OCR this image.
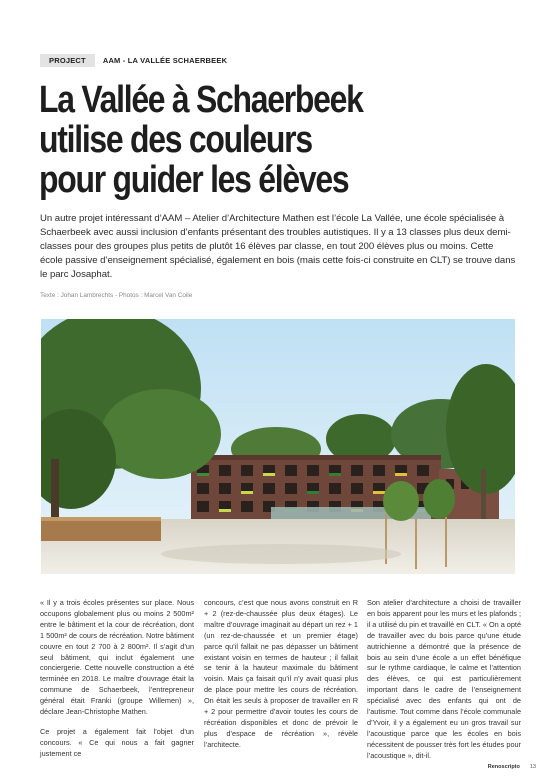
PROJECT	AAM - LA VALLÉE SCHAERBEEK
La Vallée à Schaerbeek
utilise des couleurs
pour guider les élèves

Un autre projet intéressant d’AAM – Atelier d’Architecture Mathen est l’école La Vallée, une école spécialisée à Schaerbeek avec aussi inclusion d’enfants présentant des troubles autistiques. Il y a 13 classes plus deux demi-classes pour des groupes plus petits de plutôt 16 élèves par classe, en tout 200 élèves plus ou moins. Cette école passive d’enseignement spécialisé, également en bois (mais cette fois-ci construite en CLT) se trouve dans le parc Josaphat.

Texte : Johan Lambrechts - Photos : Marcel Van Coile

« Il y a trois écoles présentes sur place. Nous occupons globalement plus ou moins 2 500m² entre le bâtiment et la cour de récréation, dont 1 500m² de cours de récréation. Notre bâtiment couvre en tout 2 700 à 2 800m². Il s’agit d’un seul bâtiment, qui inclut également une conciergerie. Cette nouvelle construction a été terminée en 2018. Le maître d’ouvrage était la commune de Schaerbeek, l’entrepreneur général était Franki (groupe Willemen) », déclare Jean-Christophe Mathen.

Ce projet a également fait l’objet d’un concours. « Ce qui nous a fait gagner justement ce

concours, c’est que nous avons construit en R + 2 (rez-de-chaussée plus deux étages). Le maître d’ouvrage imaginait au départ un rez + 1 (un rez-de-chaussée et un premier étage) parce qu’il fallait ne pas dépasser un bâtiment existant voisin en termes de hauteur ; il fallait se tenir à la hauteur maximale du bâtiment voisin. Mais ça faisait qu’il n’y avait quasi plus de place pour mettre les cours de récréation. On était les seuls à proposer de travailler en R + 2 pour permettre d’avoir toutes les cours de récréation disponibles et donc de prévoir le plus d’espace de récréation », révèle l’architecte.

Son atelier d’architecture a choisi de travailler en bois apparent pour les murs et les plafonds ; il a utilisé du pin et travaillé en CLT. « On a opté de travailler avec du bois parce qu’une étude autrichienne a démontré que la présence de bois au sein d’une école a un effet bénéfique sur le rythme cardiaque, le calme et l’attention des élèves, ce qui est particulièrement important dans le cadre de l’enseignement spécialisé avec des enfants qui ont de l’autisme. Tout comme dans l’école communale d’Yvoir, il y a également eu un gros travail sur l’acoustique parce que les écoles en bois nécessitent de pousser très fort les études pour l’acoustique », dit-il.

Renoscripto 13
